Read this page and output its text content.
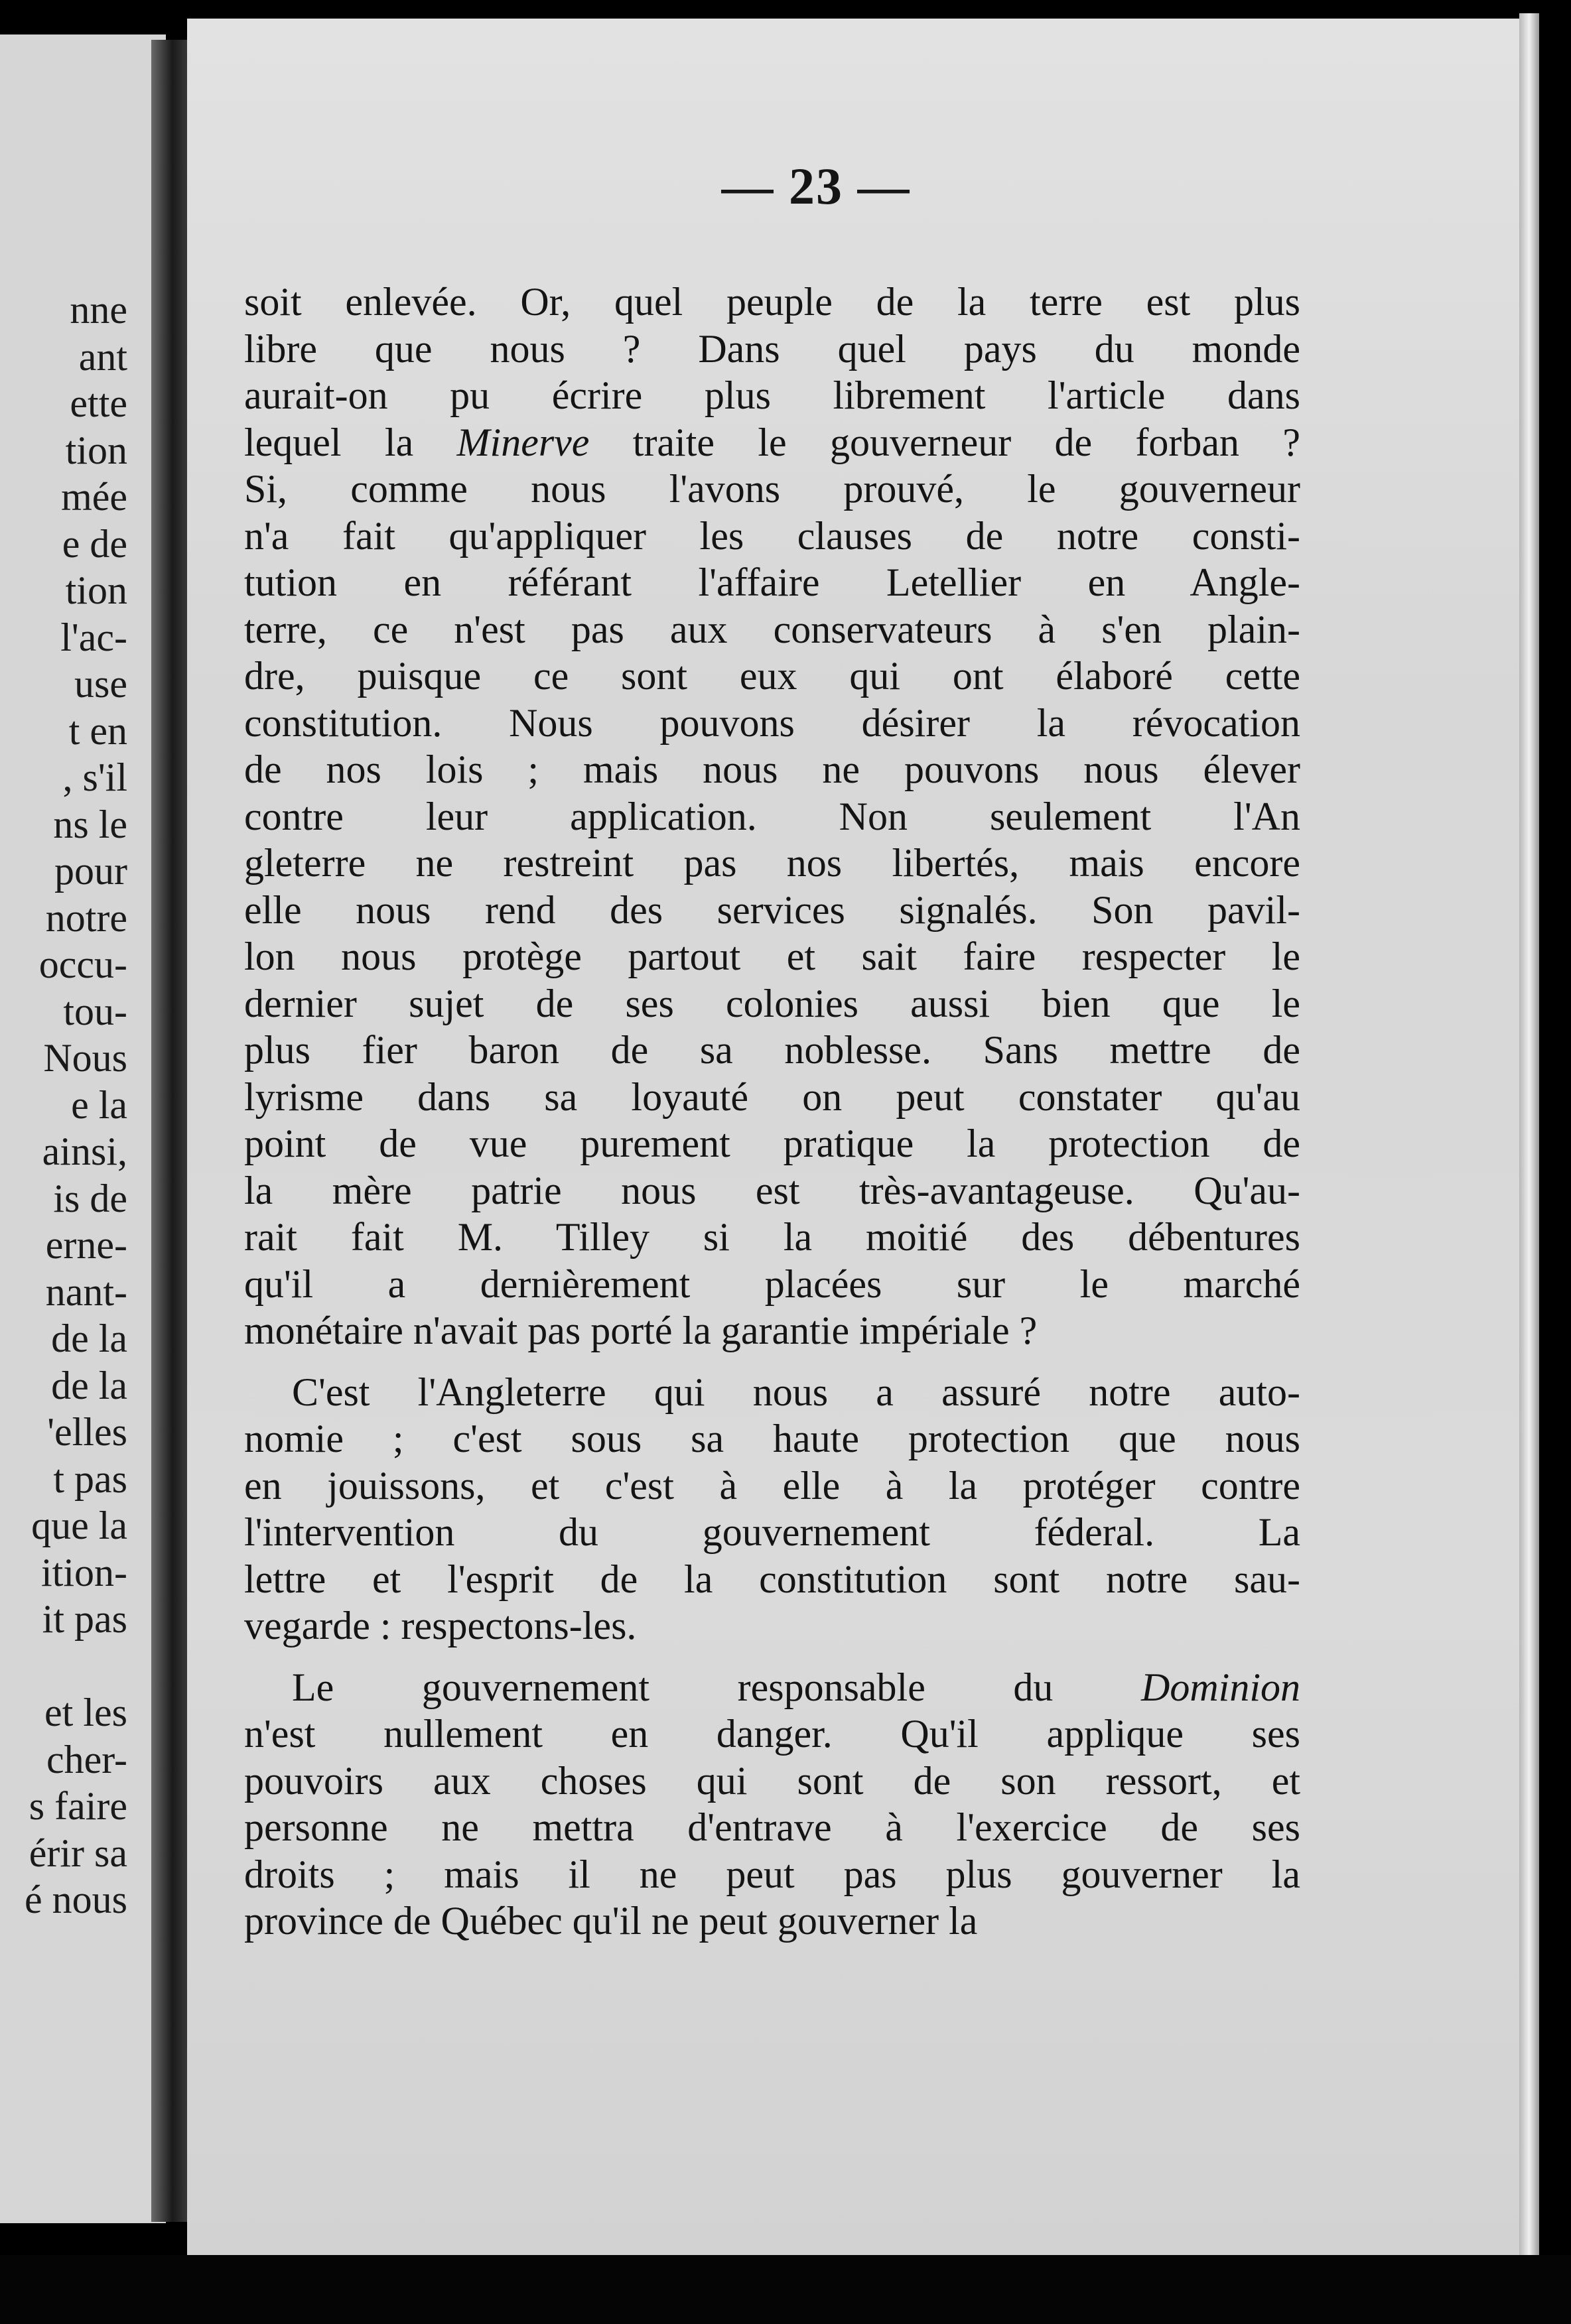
nne
ant
ette
tion
mée
e de
tion
l'ac-
use
t en
, s'il
ns le
pour
notre
occu-
tou-
Nous
e la
ainsi,
is de
erne-
nant-
de la
de la
'elles
t pas
que la
ition-
it pas

et les
cher-
s faire
érir sa
é nous
— 23 —
soit enlevée. Or, quel peuple de la terre est plus
libre que nous ? Dans quel pays du monde
aurait-on pu écrire plus librement l'article dans
lequel la Minerve traite le gouverneur de forban ?
Si, comme nous l'avons prouvé, le gouverneur
n'a fait qu'appliquer les clauses de notre consti-
tution en référant l'affaire Letellier en Angle-
terre, ce n'est pas aux conservateurs à s'en plain-
dre, puisque ce sont eux qui ont élaboré cette
constitution. Nous pouvons désirer la révocation
de nos lois ; mais nous ne pouvons nous élever
contre leur application. Non seulement l'An
gleterre ne restreint pas nos libertés, mais encore
elle nous rend des services signalés. Son pavil-
lon nous protège partout et sait faire respecter le
dernier sujet de ses colonies aussi bien que le
plus fier baron de sa noblesse. Sans mettre de
lyrisme dans sa loyauté on peut constater qu'au
point de vue purement pratique la protection de
la mère patrie nous est très-avantageuse. Qu'au-
rait fait M. Tilley si la moitié des débentures
qu'il a dernièrement placées sur le marché
monétaire n'avait pas porté la garantie impériale ?
C'est l'Angleterre qui nous a assuré notre auto-
nomie ; c'est sous sa haute protection que nous
en jouissons, et c'est à elle à la protéger contre
l'intervention du gouvernement féderal. La
lettre et l'esprit de la constitution sont notre sau-
vegarde : respectons-les.
Le gouvernement responsable du Dominion
n'est nullement en danger. Qu'il applique ses
pouvoirs aux choses qui sont de son ressort, et
personne ne mettra d'entrave à l'exercice de ses
droits ; mais il ne peut pas plus gouverner la
province de Québec qu'il ne peut gouverner la
